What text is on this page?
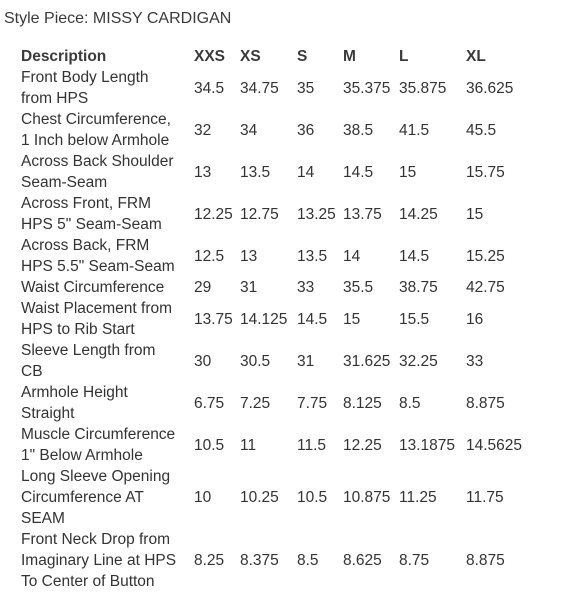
Style Piece: MISSY CARDIGAN
Description	XXS XS S M	L	XL
Front Body Length
from HPS
34.5 34.75 35 35.375 35.875 36.625
Chest Circumference,
1 Inch below Armhole
32 34	36 38.5 41.5 45.5
Across Back Shoulder
Seam-Seam
13 13.5 14 14.5 15	15.75
Across Front, FRM
HPS 5" Seam-Seam
12.25 12.75 13.25 13.75 14.25 15
Across Back, FRM
HPS 5.5" Seam-Seam
12.5 13	13.5 14	14.5 15.25
Waist Circumference	29 31	33 35.5 38.75 42.75
Waist Placement from
HPS to Rib Start
13.75 14.125 14.5 15	15.5 16
Sleeve Length from
CB
30 30.5 31 31.625 32.25 33
Armhole Height
Straight
6.75 7.25 7.75 8.125 8.5	8.875
Muscle Circumference
1" Below Armhole
10.5 11	11.5 12.25 13.1875 14.5625
Long Sleeve Opening
Circumference AT
SEAM
10 10.25 10.5 10.875 11.25 11.75
Front Neck Drop from
Imaginary Line at HPS
To Center of Button
8.25 8.375 8.5 8.625 8.75 8.875
